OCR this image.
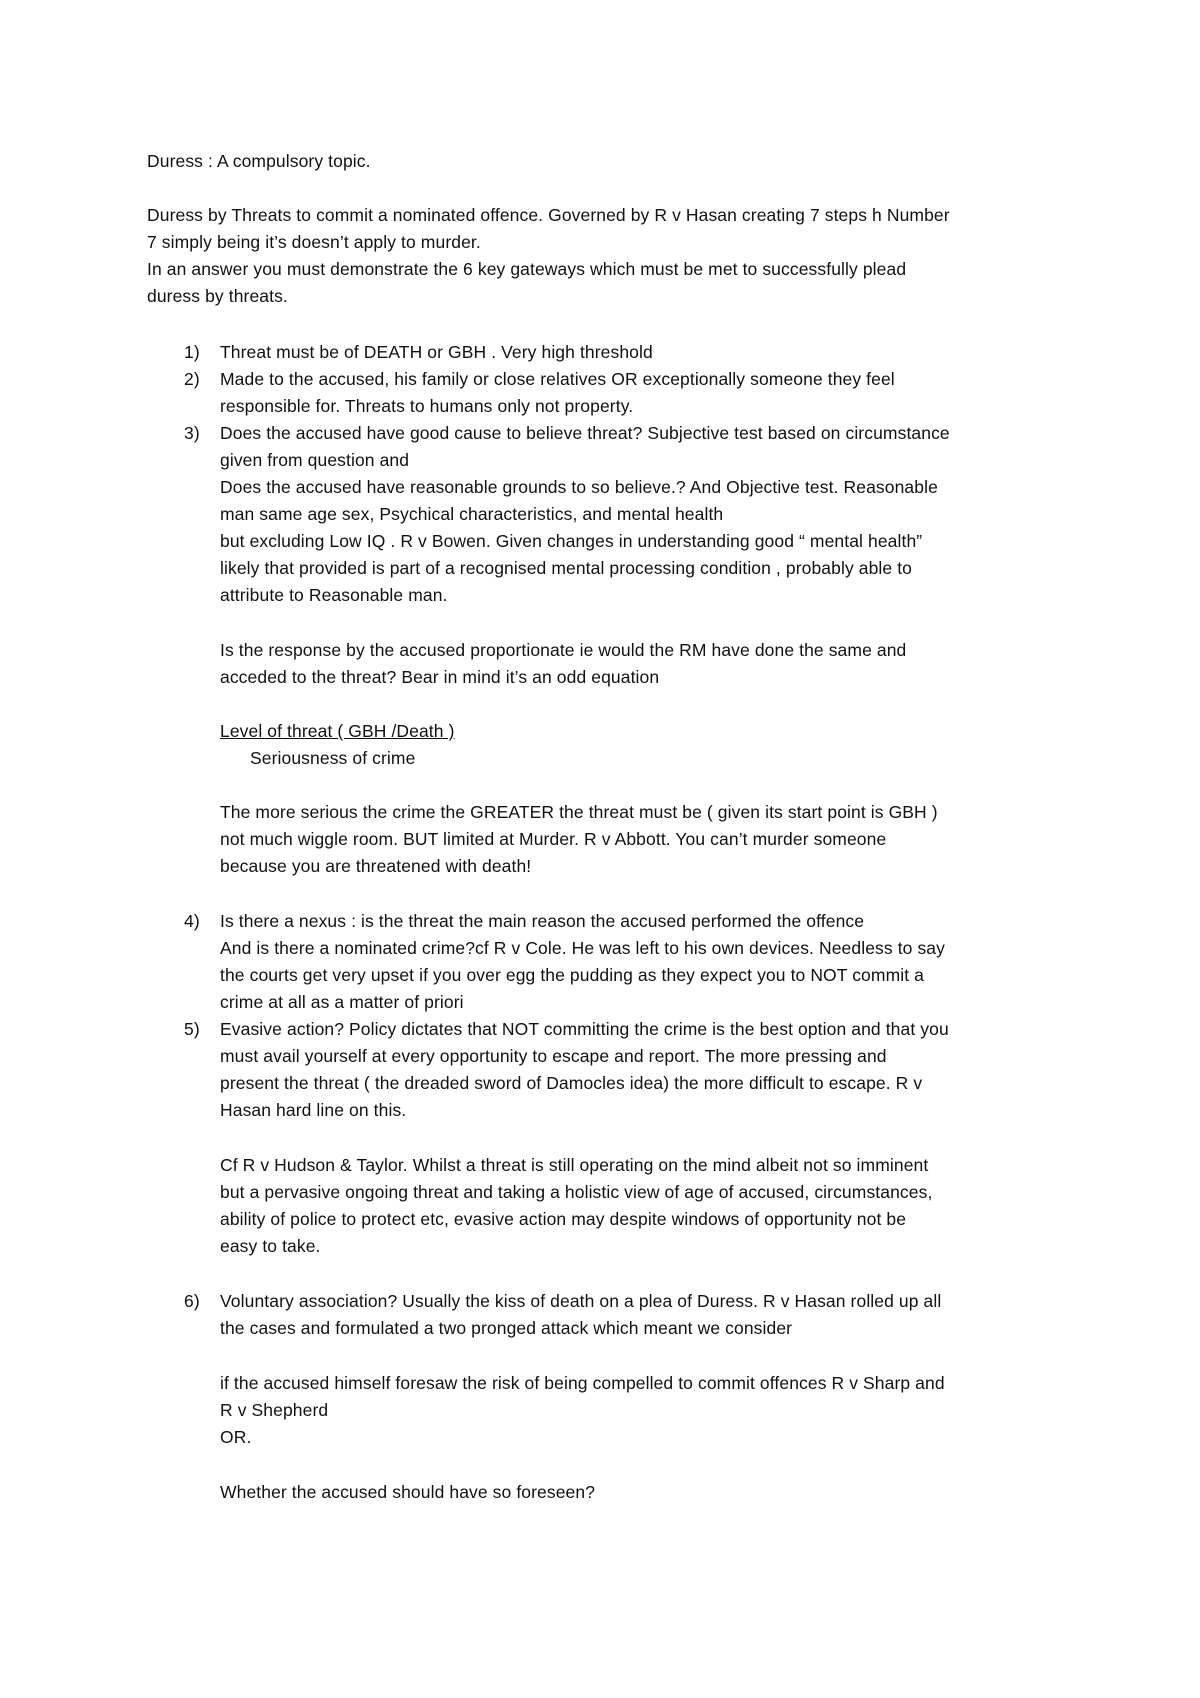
Duress : A compulsory topic.
Duress by Threats to commit a nominated offence. Governed by R v Hasan creating 7 steps h Number
7 simply being it’s doesn’t apply to murder.
In an answer you must demonstrate the 6 key gateways which must be met to successfully plead
duress by threats.
1) Threat must be of DEATH or GBH . Very high threshold
2) Made to the accused, his family or close relatives OR exceptionally someone they feel
responsible for. Threats to humans only not property.
3) Does the accused have good cause to believe threat? Subjective test based on circumstance
given from question and
Does the accused have reasonable grounds to so believe.? And Objective test. Reasonable
man same age sex, Psychical characteristics, and mental health
but excluding Low IQ . R v Bowen. Given changes in understanding good “ mental health”
likely that provided is part of a recognised mental processing condition , probably able to
attribute to Reasonable man.
Is the response by the accused proportionate ie would the RM have done the same and
acceded to the threat? Bear in mind it’s an odd equation
Level of threat ( GBH /Death )
Seriousness of crime
The more serious the crime the GREATER the threat must be ( given its start point is GBH )
not much wiggle room. BUT limited at Murder. R v Abbott. You can’t murder someone
because you are threatened with death!
4) Is there a nexus : is the threat the main reason the accused performed the offence
And is there a nominated crime?cf R v Cole. He was left to his own devices. Needless to say
the courts get very upset if you over egg the pudding as they expect you to NOT commit a
crime at all as a matter of priori
5) Evasive action? Policy dictates that NOT committing the crime is the best option and that you
must avail yourself at every opportunity to escape and report. The more pressing and
present the threat ( the dreaded sword of Damocles idea) the more difficult to escape. R v
Hasan hard line on this.
Cf R v Hudson & Taylor. Whilst a threat is still operating on the mind albeit not so imminent
but a pervasive ongoing threat and taking a holistic view of age of accused, circumstances,
ability of police to protect etc, evasive action may despite windows of opportunity not be
easy to take.
6) Voluntary association? Usually the kiss of death on a plea of Duress. R v Hasan rolled up all
the cases and formulated a two pronged attack which meant we consider
if the accused himself foresaw the risk of being compelled to commit offences R v Sharp and
R v Shepherd
OR.
Whether the accused should have so foreseen?
